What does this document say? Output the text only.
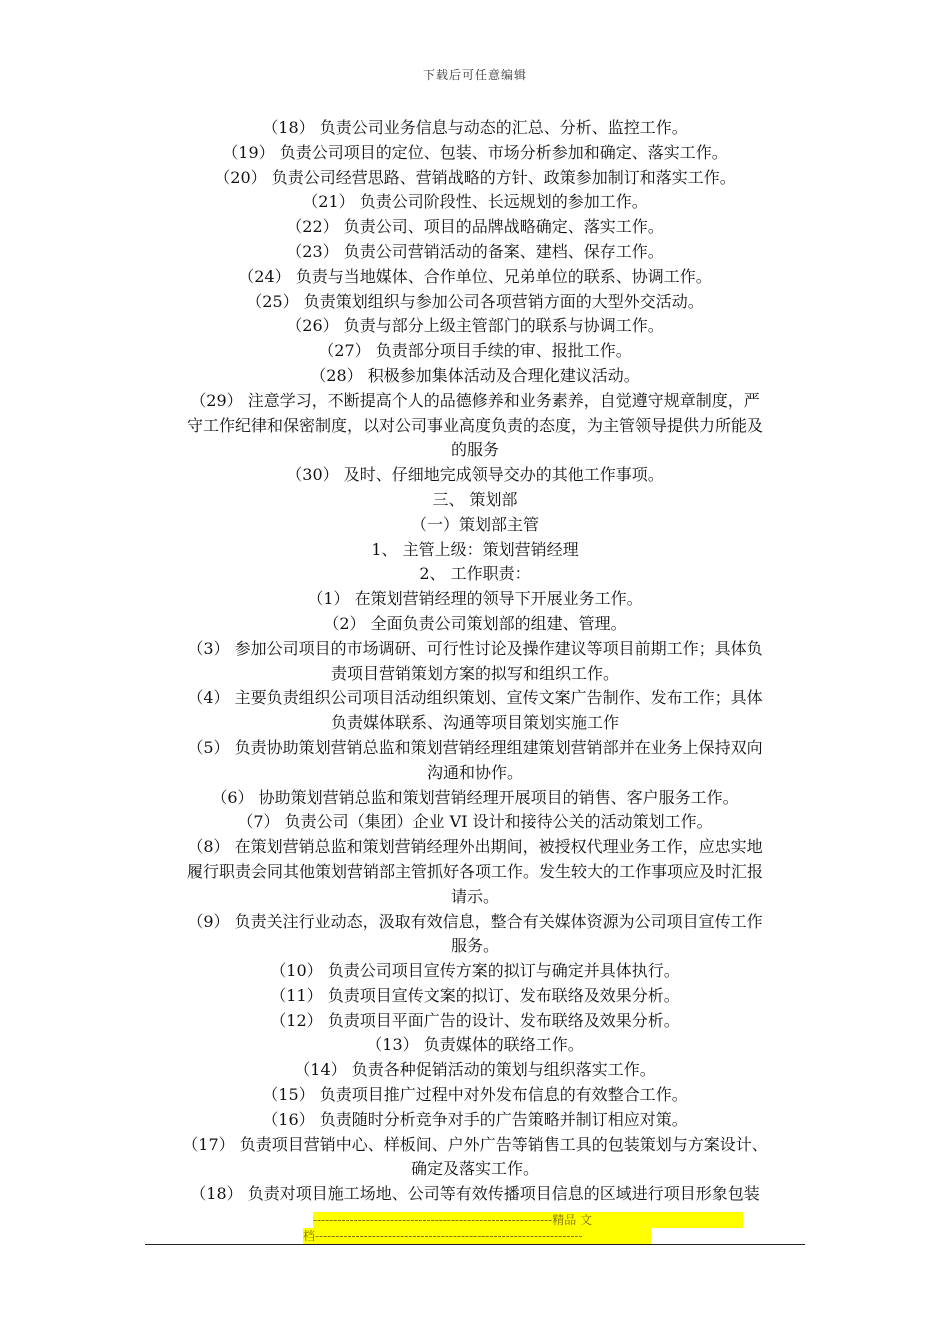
下载后可任意编辑
（18） 负责公司业务信息与动态的汇总、分析、监控工作。
（19） 负责公司项目的定位、包装、市场分析参加和确定、落实工作。
（20） 负责公司经营思路、营销战略的方针、政策参加制订和落实工作。
（21） 负责公司阶段性、长远规划的参加工作。
（22） 负责公司、项目的品牌战略确定、落实工作。
（23） 负责公司营销活动的备案、建档、保存工作。
（24） 负责与当地媒体、合作单位、兄弟单位的联系、协调工作。
（25） 负责策划组织与参加公司各项营销方面的大型外交活动。
（26） 负责与部分上级主管部门的联系与协调工作。
（27） 负责部分项目手续的审、报批工作。
（28） 积极参加集体活动及合理化建议活动。
（29） 注意学习，不断提高个人的品德修养和业务素养，自觉遵守规章制度，严
守工作纪律和保密制度，以对公司事业高度负责的态度，为主管领导提供力所能及
的服务
（30） 及时、仔细地完成领导交办的其他工作事项。
三、 策划部
（一）策划部主管
1、 主管上级：策划营销经理
2、 工作职责：
（1） 在策划营销经理的领导下开展业务工作。
（2） 全面负责公司策划部的组建、管理。
（3） 参加公司项目的市场调研、可行性讨论及操作建议等项目前期工作；具体负
责项目营销策划方案的拟写和组织工作。
（4） 主要负责组织公司项目活动组织策划、宣传文案广告制作、发布工作；具体
负责媒体联系、沟通等项目策划实施工作
（5） 负责协助策划营销总监和策划营销经理组建策划营销部并在业务上保持双向
沟通和协作。
（6） 协助策划营销总监和策划营销经理开展项目的销售、客户服务工作。
（7） 负责公司（集团）企业 VI 设计和接待公关的活动策划工作。
（8） 在策划营销总监和策划营销经理外出期间，被授权代理业务工作，应忠实地
履行职责会同其他策划营销部主管抓好各项工作。发生较大的工作事项应及时汇报
请示。
（9） 负责关注行业动态，汲取有效信息，整合有关媒体资源为公司项目宣传工作
服务。
（10） 负责公司项目宣传方案的拟订与确定并具体执行。
（11） 负责项目宣传文案的拟订、发布联络及效果分析。
（12） 负责项目平面广告的设计、发布联络及效果分析。
（13） 负责媒体的联络工作。
（14） 负责各种促销活动的策划与组织落实工作。
（15） 负责项目推广过程中对外发布信息的有效整合工作。
（16） 负责随时分析竞争对手的广告策略并制订相应对策。
（17） 负责项目营销中心、样板间、户外广告等销售工具的包装策划与方案设计、
确定及落实工作。
（18） 负责对项目施工场地、公司等有效传播项目信息的区域进行项目形象包装
-----------------------------------------------------------精品 文
档------------------------------------------------------------------
